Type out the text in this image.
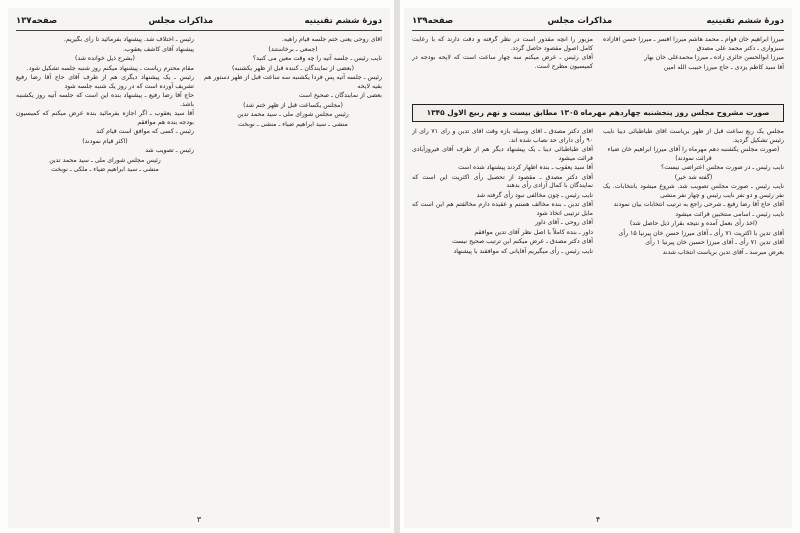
دورهٔ ششم تقنینیه
مذاکرات مجلس
صفحه۱۳۷

آقای روحی یعنی ختم جلسه قیام راهیه.

(جمعی ـ برخاستند)

نایب رئیس ـ جلسه آتیه را چه وقت معین می کنید؟

(بعضی از نمایندگان ـ کننده قبل از ظهر یکشنبه)

رئیس ـ جلسه آتیه پس فردا یکشنبه سه ساعت قبل از ظهر دستور هم بقیه لایحه

بعضی از نمایندگان ـ صحیح است

(مجلس یکساعت قبل از ظهر ختم شد)

رئیس مجلس شورای ملی ـ سید محمد تدین

منشی ـ سید ابراهیم ضیاء ـ منشی ـ نوبخت

رئیس ـ اختلاف شد. پیشنهاد بفرمائید تا رأی بگیریم.

پیشنهاد آقای کاشف یعقوب.

(بشرح ذیل خوانده شد)

مقام محترم ریاست ـ پیشنهاد میکنم روز شنبه جلسه تشکیل شود.

رئیس ـ یک پیشنهاد دیگری هم از طرف آقای حاج آقا رضا رفیع تشریف آورده است که در روز یک شنبه جلسه شود

حاج آقا رضا رفیع ـ پیشنهاد بنده این است که جلسه آتیه روز یکشنبه باشد.

آقا سید یعقوب ـ اگر اجازه بفرمائید بنده عرض میکنم که کمیسیون بودجه بنده هم موافقم

رئیس ـ کسی که موافق است قیام کند

(اکثر قیام نمودند)

رئیس ـ تصویب شد

رئیس مجلس شورای ملی ـ سید محمد تدین

منشی ـ سید ابراهیم ضیاء ـ ملکی ـ نوبخت

۳
دورهٔ ششم تقنینیه
مذاکرات مجلس
صفحه۱۳۹

میرزا ابراهیم خان قوام ـ محمد هاشم میرزا افسر ـ میرزا حسن آقازاده سبزواری ـ دکتر محمد علی مصدق

میرزا ابوالحسن حائری زاده ـ میرزا محمدعلی خان بهار

آقا سید کاظم یزدی ـ حاج میرزا حبیب الله امین

مزبور را آنچه مقدور است در نظر گرفته و دقت دارند که با رعایت کامل اصول مقصود حاصل گردد.

آقای رئیس ـ عرض میکنم سه چهار ساعت است که لایحه بودجه در کمیسیون مطرح است.

صورت مشروح مجلس روز پنجشنبه چهاردهم مهرماه ۱۳۰۵ مطابق بیست و نهم ربیع الاول ۱۳۴۵

مجلس یک ربع ساعت قبل از ظهر بریاست آقای طباطبائی دیبا نایب رئیس تشکیل گردید.

(صورت مجلس یکشنبه دهم مهرماه را آقای میرزا ابراهیم خان ضیاء قرائت نمودند)

نایب رئیس ـ در صورت مجلس اعتراضی نیست؟

(گفته شد خیر)

نایب رئیس ـ صورت مجلس تصویب شد. شروع میشود بانتخابات. یک نفر رئیس و دو نفر نایب رئیس و چهار نفر منشی

آقای حاج آقا رضا رفیع ـ شرحی راجع به ترتیب انتخابات بیان نمودند

نایب رئیس ـ اسامی منتخبین قرائت میشود

(اخذ رأی بعمل آمده و نتیجه بقرار ذیل حاصل شد)

آقای تدین با اکثریت ۷۱ رأی ـ آقای میرزا حسن خان پیرنیا ۱۵ رأی

آقای تدین ۷۱ رأی ـ آقای میرزا حسین خان پیرنیا ۱ رأی

بعرض میرسد ـ آقای تدین بریاست انتخاب شدند

آقای دکتر مصدق ـ آقای وسیله بازه وقت آقای تدین و رأی ۷۱ رأی از ۹۰ رأی دارای حد نصاب شده اند.

آقای طباطبائی دیبا ـ یک پیشنهاد دیگر هم از طرف آقای فیروزآبادی قرائت میشود

آقا سید یعقوب ـ بنده اظهار کردند پیشنهاد شده است

آقای دکتر مصدق ـ مقصود از تحصیل رأی اکثریت این است که نمایندگان با کمال آزادی رأی بدهند

نایب رئیس ـ چون مخالفی نبود رأی گرفته شد

آقای تدین ـ بنده مخالف هستم و عقیده دارم مخالفتم هم این است که مایل ترتیبی اتخاذ شود

آقای روحی ـ آقای داور

داور ـ بنده کاملاً با اصل نظر آقای تدین موافقم

آقای دکتر مصدق ـ عرض میکنم این ترتیب صحیح نیست

نایب رئیس ـ رأی میگیریم آقایانی که موافقند با پیشنهاد

۴
